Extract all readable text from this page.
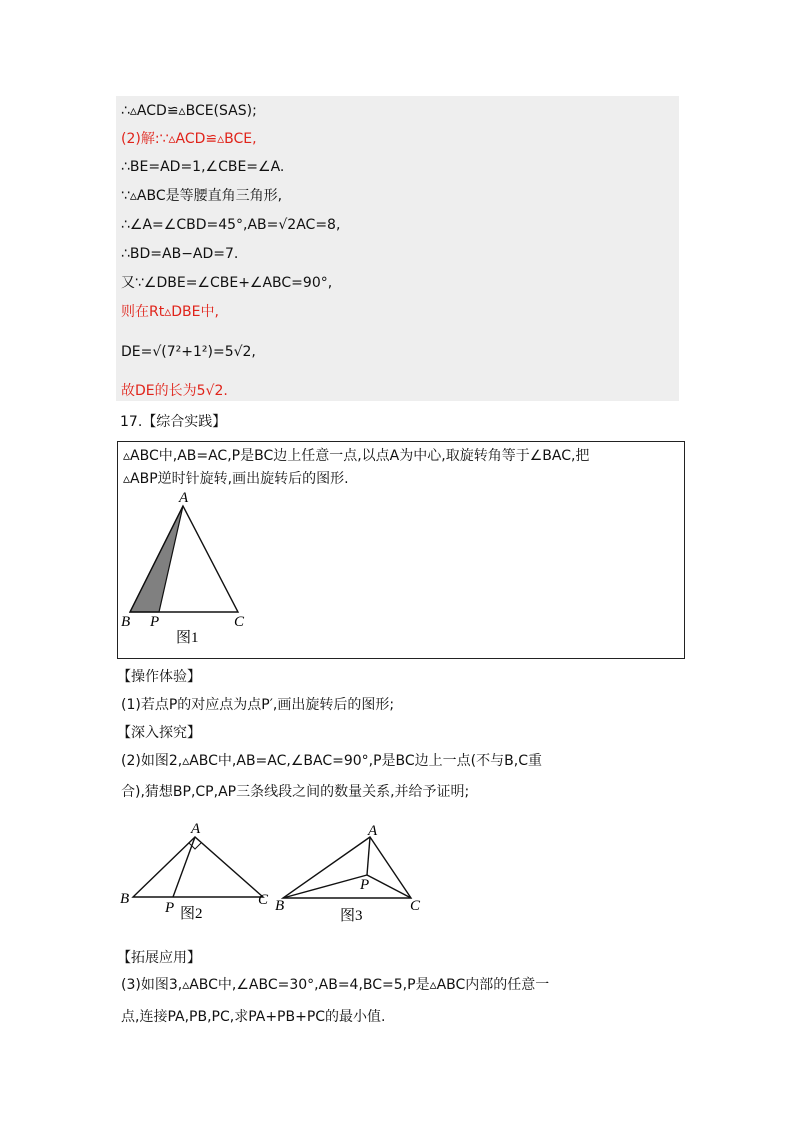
∴▵ACD≌▵BCE(SAS);
(2)解:∵▵ACD≌▵BCE,
∴BE=AD=1,∠CBE=∠A.
∵▵ABC是等腰直角三角形,
∴∠A=∠CBD=45°,AB=√2AC=8,
∴BD=AB−AD=7.
又∵∠DBE=∠CBE+∠ABC=90°,
则在Rt▵DBE中,
DE=√(7²+1²)=5√2,
故DE的长为5√2.
17.【综合实践】
▵ABC中,AB=AC,P是BC边上任意一点,以点A为中心,取旋转角等于∠BAC,把
▵ABP逆时针旋转,画出旋转后的图形.
A
B P	C
图1
【操作体验】
(1)若点P的对应点为点P′,画出旋转后的图形;
【深入探究】
(2)如图2,▵ABC中,AB=AC,∠BAC=90°,P是BC边上一点(不与B,C重
合),猜想BP,CP,AP三条线段之间的数量关系,并给予证明;
A
B
P	C
图2
A
P
B	C
图3
【拓展应用】
(3)如图3,▵ABC中,∠ABC=30°,AB=4,BC=5,P是▵ABC内部的任意一
点,连接PA,PB,PC,求PA+PB+PC的最小值.
